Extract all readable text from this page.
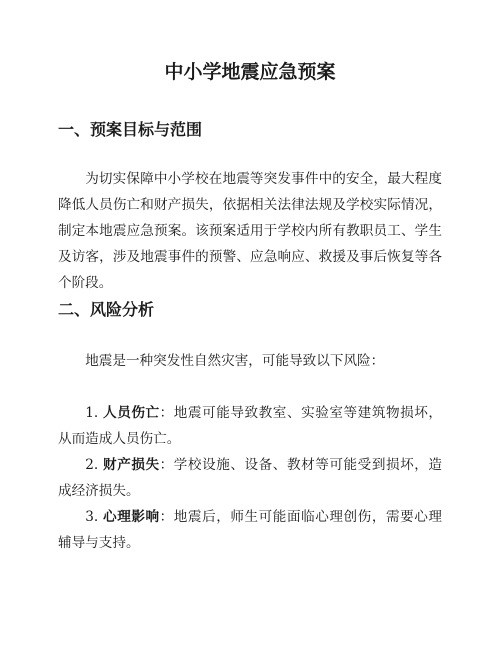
中小学地震应急预案
一、预案目标与范围

为切实保障中小学校在地震等突发事件中的安全，最大程度降低人员伤亡和财产损失，依据相关法律法规及学校实际情况，制定本地震应急预案。该预案适用于学校内所有教职员工、学生及访客，涉及地震事件的预警、应急响应、救援及事后恢复等各个阶段。

二、风险分析

地震是一种突发性自然灾害，可能导致以下风险：

1. 人员伤亡：地震可能导致教室、实验室等建筑物损坏，从而造成人员伤亡。
2. 财产损失：学校设施、设备、教材等可能受到损坏，造成经济损失。
3. 心理影响：地震后，师生可能面临心理创伤，需要心理辅导与支持。
